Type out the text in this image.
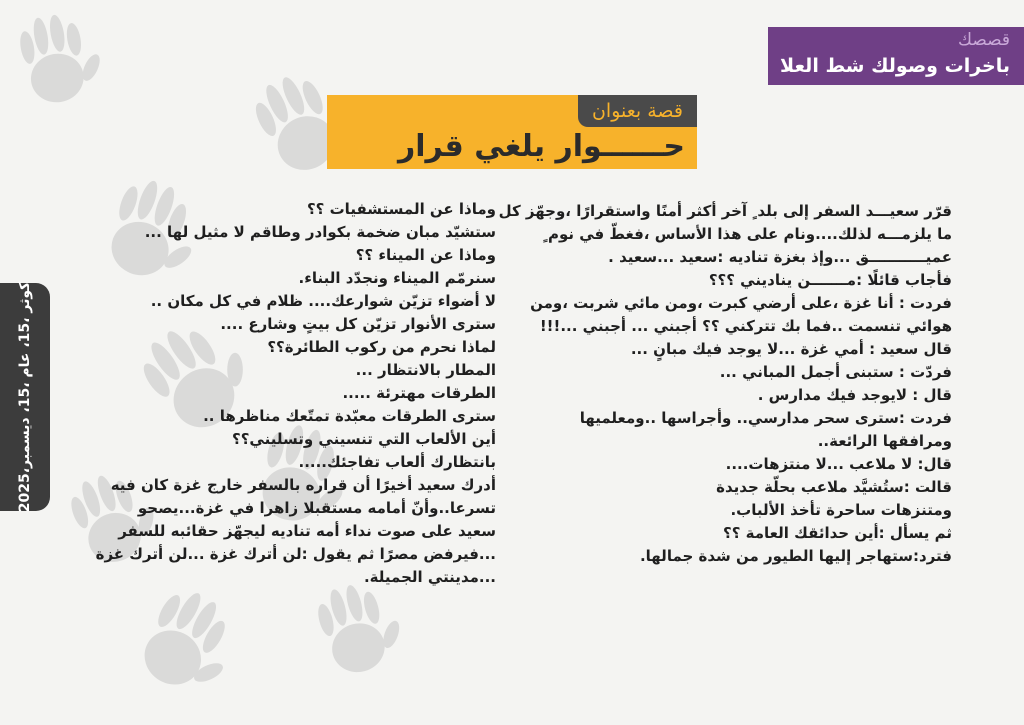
قصصك
باخرات وصولك شط العلا
قصة بعنوان
حــــــوار يلغي قرار
كوثر ،15، عام ،15، ديسمبر،2025

قرّر سعيـــد السفر إلى بلد ٍ آخر أكثر أمنًا واستقرارًا ،وجهّز كل

ما يلزمـــه لذلك....ونام على هذا الأساس ،فغطّ في نوم ٍ

عميـــــــــــق ...وإذ بغزة تناديه :سعيد ...سعيد .

فأجاب قائلًا :مـــــــن يناديني ؟؟؟

فردت : أنا غزة ،على أرضي كبرت ،ومن مائي شربت ،ومن

هوائي تنسمت ..فما بك تتركني ؟؟ أجبني ... أجبني ...!!!

قال سعيد : أمي غزة ...لا يوجد فيك مبانٍ ...

فردّت : ستبنى أجمل المباني ...

قال : لايوجد فيك مدارس .

فردت :سترى سحر مدارسي.. وأجراسها ..ومعلميها

ومرافقها الرائعة..

قال: لا ملاعب ...لا منتزهات....

قالت :ستُشيَّد ملاعب بحلّة جديدة

ومتنزهات ساحرة تأخذ الألباب.

ثم يسأل :أين حدائقك العامة ؟؟

فترد:ستهاجر إليها الطيور من شدة جمالها.

وماذا عن المستشفيات ؟؟

ستشيّد مبان ضخمة بكوادر وطاقم لا مثيل لها ...

وماذا عن الميناء ؟؟

سنرمّم الميناء ونجدّد البناء.

لا أضواء تزيّن شوارعك.... ظلام في كل مكان ..

سترى الأنوار تزيّن كل بيتٍ وشارع ....

لماذا نحرم من ركوب الطائرة؟؟

المطار بالانتظار ...

الطرقات مهترئة .....

سترى الطرقات معبّدة تمتّعك مناظرها ..

أين الألعاب التي تنسيني وتسليني؟؟

بانتظارك ألعاب تفاجئك.....

أدرك سعيد أخيرًا أن قراره بالسفر خارج غزة كان فيه

تسرعا..وأنّ أمامه مستقبلا زاهرا في غزة...يصحو

سعيد على صوت نداء أمه تناديه ليجهّز حقائبه للسفر

...فيرفض مصرًا ثم يقول :لن أترك غزة ...لن أترك غزة

...مدينتي الجميلة.
